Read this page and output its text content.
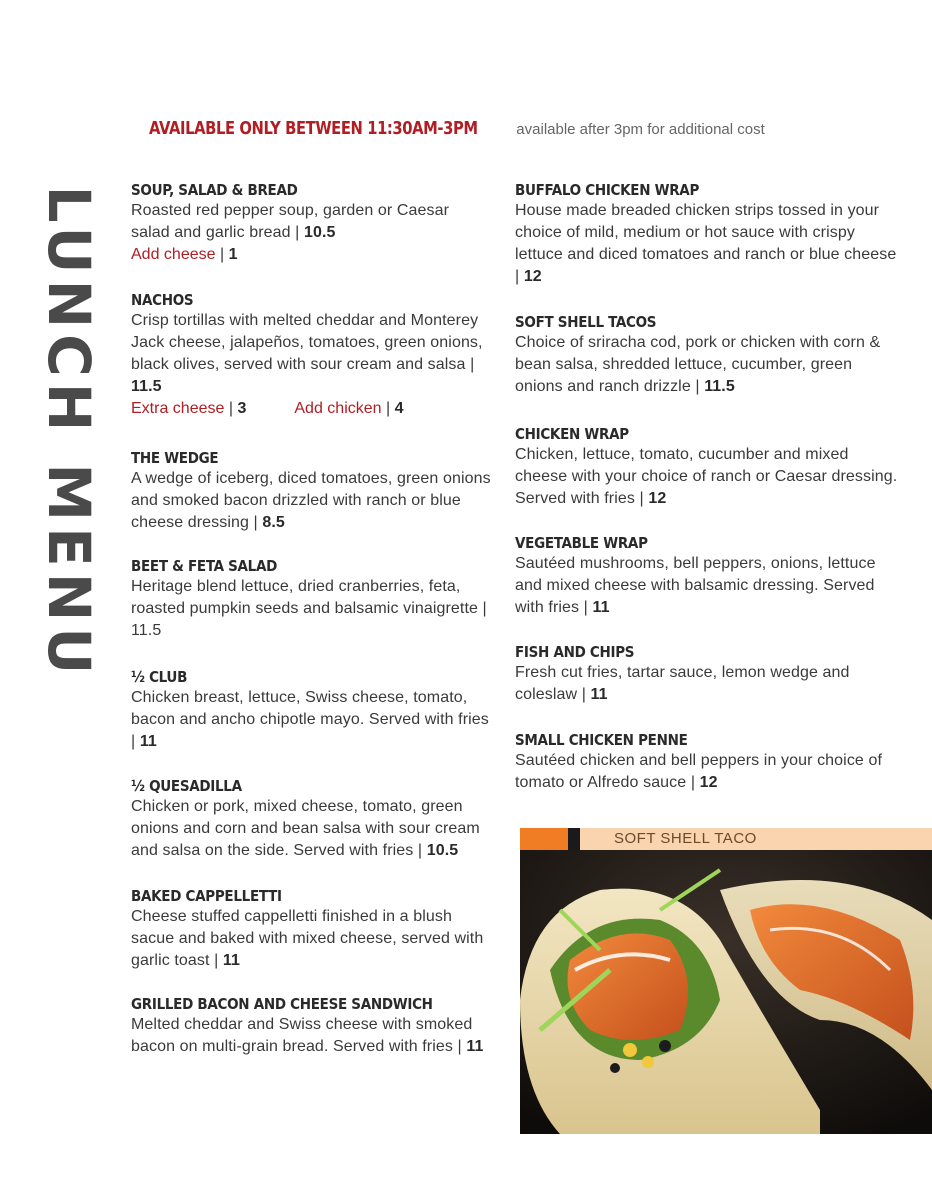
LUNCH MENU
AVAILABLE ONLY BETWEEN 11:30AM-3PM	available after 3pm for additional cost
SOUP, SALAD & BREAD

Roasted red pepper soup, garden or Caesar salad and garlic bread | 10.5

Add cheese | 1
NACHOS

Crisp tortillas with melted cheddar and Monterey Jack cheese, jalapeños, tomatoes, green onions, black olives, served with sour cream and salsa | 11.5

Extra cheese | 3	Add chicken | 4
THE WEDGE

A wedge of iceberg, diced tomatoes, green onions and smoked bacon drizzled with ranch or blue cheese dressing | 8.5

BEET & FETA SALAD

Heritage blend lettuce, dried cranberries, feta, roasted pumpkin seeds and balsamic vinaigrette | 11.5

½ CLUB

Chicken breast, lettuce, Swiss cheese, tomato, bacon and ancho chipotle mayo. Served with fries | 11

½ QUESADILLA

Chicken or pork, mixed cheese, tomato, green onions and corn and bean salsa with sour cream and salsa on the side. Served with fries | 10.5

BAKED CAPPELLETTI

Cheese stuffed cappelletti finished in a blush sacue and baked with mixed cheese, served with garlic toast | 11

GRILLED BACON AND CHEESE SANDWICH

Melted cheddar and Swiss cheese with smoked bacon on multi-grain bread. Served with fries | 11

BUFFALO CHICKEN WRAP

House made breaded chicken strips tossed in your choice of mild, medium or hot sauce with crispy lettuce and diced tomatoes and ranch or blue cheese | 12

SOFT SHELL TACOS

Choice of sriracha cod, pork or chicken with corn & bean salsa, shredded lettuce, cucumber, green onions and ranch drizzle | 11.5

CHICKEN WRAP

Chicken, lettuce, tomato, cucumber and mixed cheese with your choice of ranch or Caesar dressing. Served with fries | 12

VEGETABLE WRAP

Sautéed mushrooms, bell peppers, onions, lettuce and mixed cheese with balsamic dressing. Served with fries | 11

FISH AND CHIPS

Fresh cut fries, tartar sauce, lemon wedge and coleslaw | 11

SMALL CHICKEN PENNE

Sautéed chicken and bell peppers in your choice of tomato or Alfredo sauce | 12

SOFT SHELL TACO
